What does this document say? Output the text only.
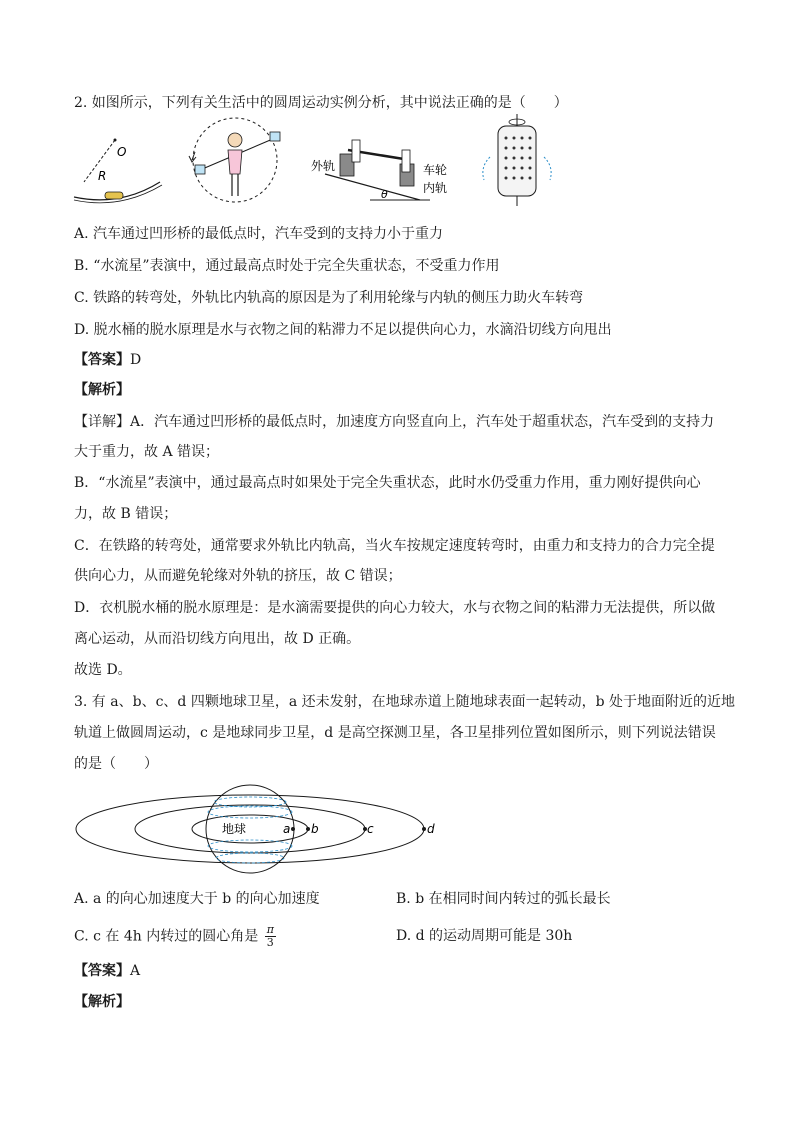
2. 如图所示，下列有关生活中的圆周运动实例分析，其中说法正确的是（　　）
O
R
外轨	车轮
内轨
θ
A. 汽车通过凹形桥的最低点时，汽车受到的支持力小于重力
B. “水流星”表演中，通过最高点时处于完全失重状态，不受重力作用
C. 铁路的转弯处，外轨比内轨高的原因是为了利用轮缘与内轨的侧压力助火车转弯
D. 脱水桶的脱水原理是水与衣物之间的粘滞力不足以提供向心力，水滴沿切线方向甩出
【答案】D
【解析】
【详解】A．汽车通过凹形桥的最低点时，加速度方向竖直向上，汽车处于超重状态，汽车受到的支持力
大于重力，故 A 错误；
B．“水流星”表演中，通过最高点时如果处于完全失重状态，此时水仍受重力作用，重力刚好提供向心
力，故 B 错误；
C．在铁路的转弯处，通常要求外轨比内轨高，当火车按规定速度转弯时，由重力和支持力的合力完全提
供向心力，从而避免轮缘对外轨的挤压，故 C 错误；
D．衣机脱水桶的脱水原理是：是水滴需要提供的向心力较大，水与衣物之间的粘滞力无法提供，所以做
离心运动，从而沿切线方向甩出，故 D 正确。
故选 D。
3. 有 a、b、c、d 四颗地球卫星，a 还未发射，在地球赤道上随地球表面一起转动，b 处于地面附近的近地
轨道上做圆周运动，c 是地球同步卫星，d 是高空探测卫星，各卫星排列位置如图所示，则下列说法错误
的是（　　）
地球	a b	c	d
A. a 的向心加速度大于 b 的向心加速度	B. b 在相同时间内转过的弧长最长
C. c 在 4h 内转过的圆心角是 $\frac{\pi}{3}$	D. d 的运动周期可能是 30h
【答案】A
【解析】
